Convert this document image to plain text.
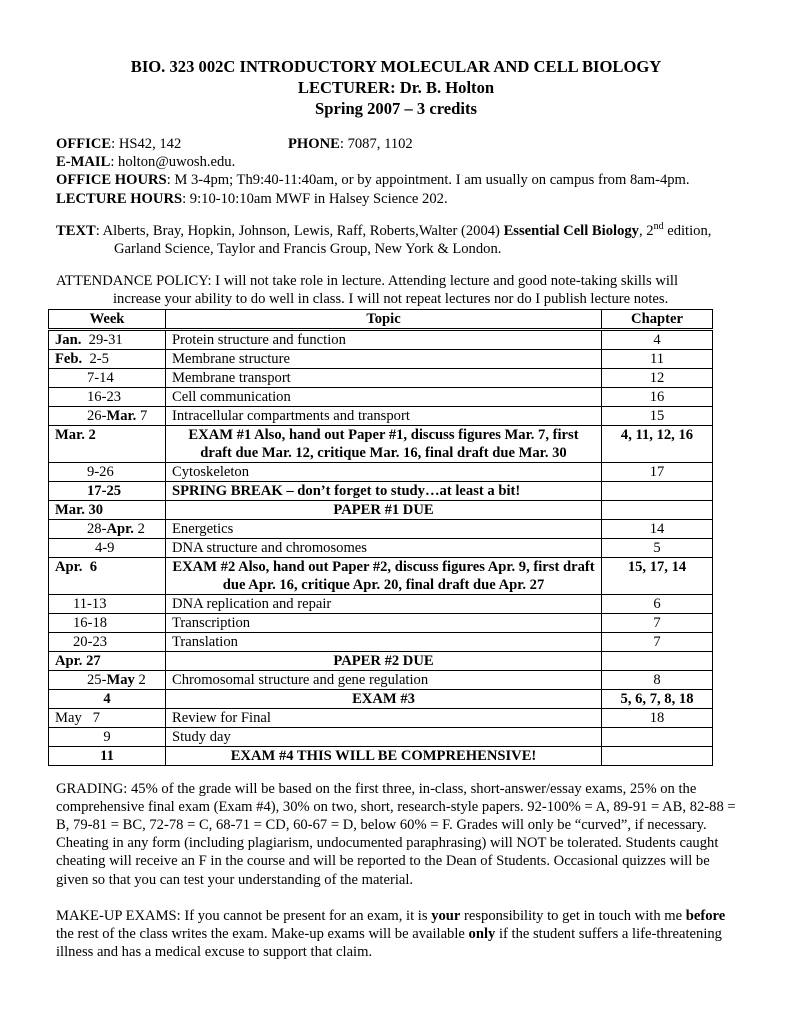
BIO. 323 002C INTRODUCTORY MOLECULAR AND CELL BIOLOGY
LECTURER: Dr. B. Holton
Spring 2007 – 3 credits

OFFICE: HS42, 142	PHONE: 7087, 1102

E-MAIL: holton@uwosh.edu.

OFFICE HOURS: M 3-4pm; Th9:40-11:40am, or by appointment. I am usually on campus from 8am-4pm.

LECTURE HOURS: 9:10-10:10am MWF in Halsey Science 202.

TEXT: Alberts, Bray, Hopkin, Johnson, Lewis, Raff, Roberts,Walter (2004) Essential Cell Biology, 2nd edition, Garland Science, Taylor and Francis Group, New York & London.

ATTENDANCE POLICY: I will not take role in lecture. Attending lecture and good note-taking skills will
increase your ability to do well in class. I will not repeat lectures nor do I publish lecture notes.

Week	Topic	Chapter
Jan.  29-31	Protein structure and function	4
Feb.  2-5	Membrane structure	11
7-14	Membrane transport	12
16-23	Cell communication	16
26-Mar. 7	Intracellular compartments and transport	15
Mar. 2	EXAM #1 Also, hand out Paper #1, discuss figures Mar. 7, first draft due Mar. 12, critique Mar. 16, final draft due Mar. 30	4, 11, 12, 16
9-26	Cytoskeleton	17
17-25	SPRING BREAK – don’t forget to study…at least a bit!	
Mar. 30	PAPER #1 DUE	
28-Apr. 2	Energetics	14
4-9	DNA structure and chromosomes	5
Apr.  6	EXAM #2 Also, hand out Paper #2, discuss figures Apr. 9, first draft due Apr. 16, critique Apr. 20, final draft due Apr. 27	15, 17, 14
11-13	DNA replication and repair	6
16-18	Transcription	7
20-23	Translation	7
Apr. 27	PAPER #2 DUE	
25-May 2	Chromosomal structure and gene regulation	8
4	EXAM #3	5, 6, 7, 8, 18
May   7	Review for Final	18
9	Study day	
11	EXAM #4 THIS WILL BE COMPREHENSIVE!	

GRADING: 45% of the grade will be based on the first three, in-class, short-answer/essay exams, 25% on the comprehensive final exam (Exam #4), 30% on two, short, research-style papers. 92-100% = A, 89-91 = AB, 82-88 = B, 79-81 = BC, 72-78 = C, 68-71 = CD, 60-67 = D, below 60% = F. Grades will only be “curved”, if necessary. Cheating in any form (including plagiarism, undocumented paraphrasing) will NOT be tolerated. Students caught cheating will receive an F in the course and will be reported to the Dean of Students. Occasional quizzes will be given so that you can test your understanding of the material.

MAKE-UP EXAMS: If you cannot be present for an exam, it is your responsibility to get in touch with me before the rest of the class writes the exam. Make-up exams will be available only if the student suffers a life-threatening illness and has a medical excuse to support that claim.
